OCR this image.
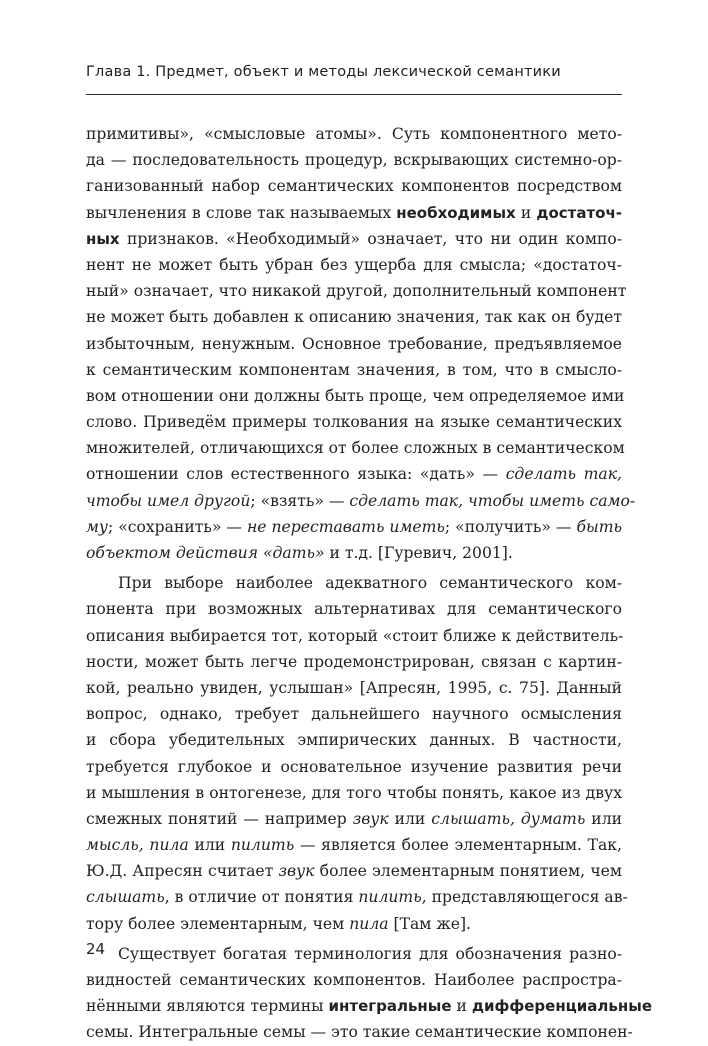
Глава 1. Предмет, объект и методы лексической семантики
примитивы», «смысловые атомы». Суть компонентного мето-
да — последовательность процедур, вскрывающих системно-ор-
ганизованный набор семантических компонентов посредством
вычленения в слове так называемых необходимых и достаточ-
ных признаков. «Необходимый» означает, что ни один компо-
нент не может быть убран без ущерба для смысла; «достаточ-
ный» означает, что никакой другой, дополнительный компонент
не может быть добавлен к описанию значения, так как он будет
избыточным, ненужным. Основное требование, предъявляемое
к семантическим компонентам значения, в том, что в смысло-
вом отношении они должны быть проще, чем определяемое ими
слово. Приведём примеры толкования на языке семантических
множителей, отличающихся от более сложных в семантическом
отношении слов естественного языка: «дать» — сделать так,
чтобы имел другой; «взять» — сделать так, чтобы иметь само-
му; «сохранить» — не переставать иметь; «получить» — быть
объектом действия «дать» и т.д. [Гуревич, 2001].
При выборе наиболее адекватного семантического ком-
понента при возможных альтернативах для семантического
описания выбирается тот, который «стоит ближе к действитель-
ности, может быть легче продемонстрирован, связан с картин-
кой, реально увиден, услышан» [Апресян, 1995, с. 75]. Данный
вопрос, однако, требует дальнейшего научного осмысления
и сбора убедительных эмпирических данных. В частности,
требуется глубокое и основательное изучение развития речи
и мышления в онтогенезе, для того чтобы понять, какое из двух
смежных понятий — например звук или слышать, думать или
мысль, пила или пилить — является более элементарным. Так,
Ю.Д. Апресян считает звук более элементарным понятием, чем
слышать, в отличие от понятия пилить, представляющегося ав-
тору более элементарным, чем пила [Там же].
Существует богатая терминология для обозначения разно-
видностей семантических компонентов. Наиболее распростра-
нёнными являются термины интегральные и дифференциальные
семы. Интегральные семы — это такие семантические компонен-
24
